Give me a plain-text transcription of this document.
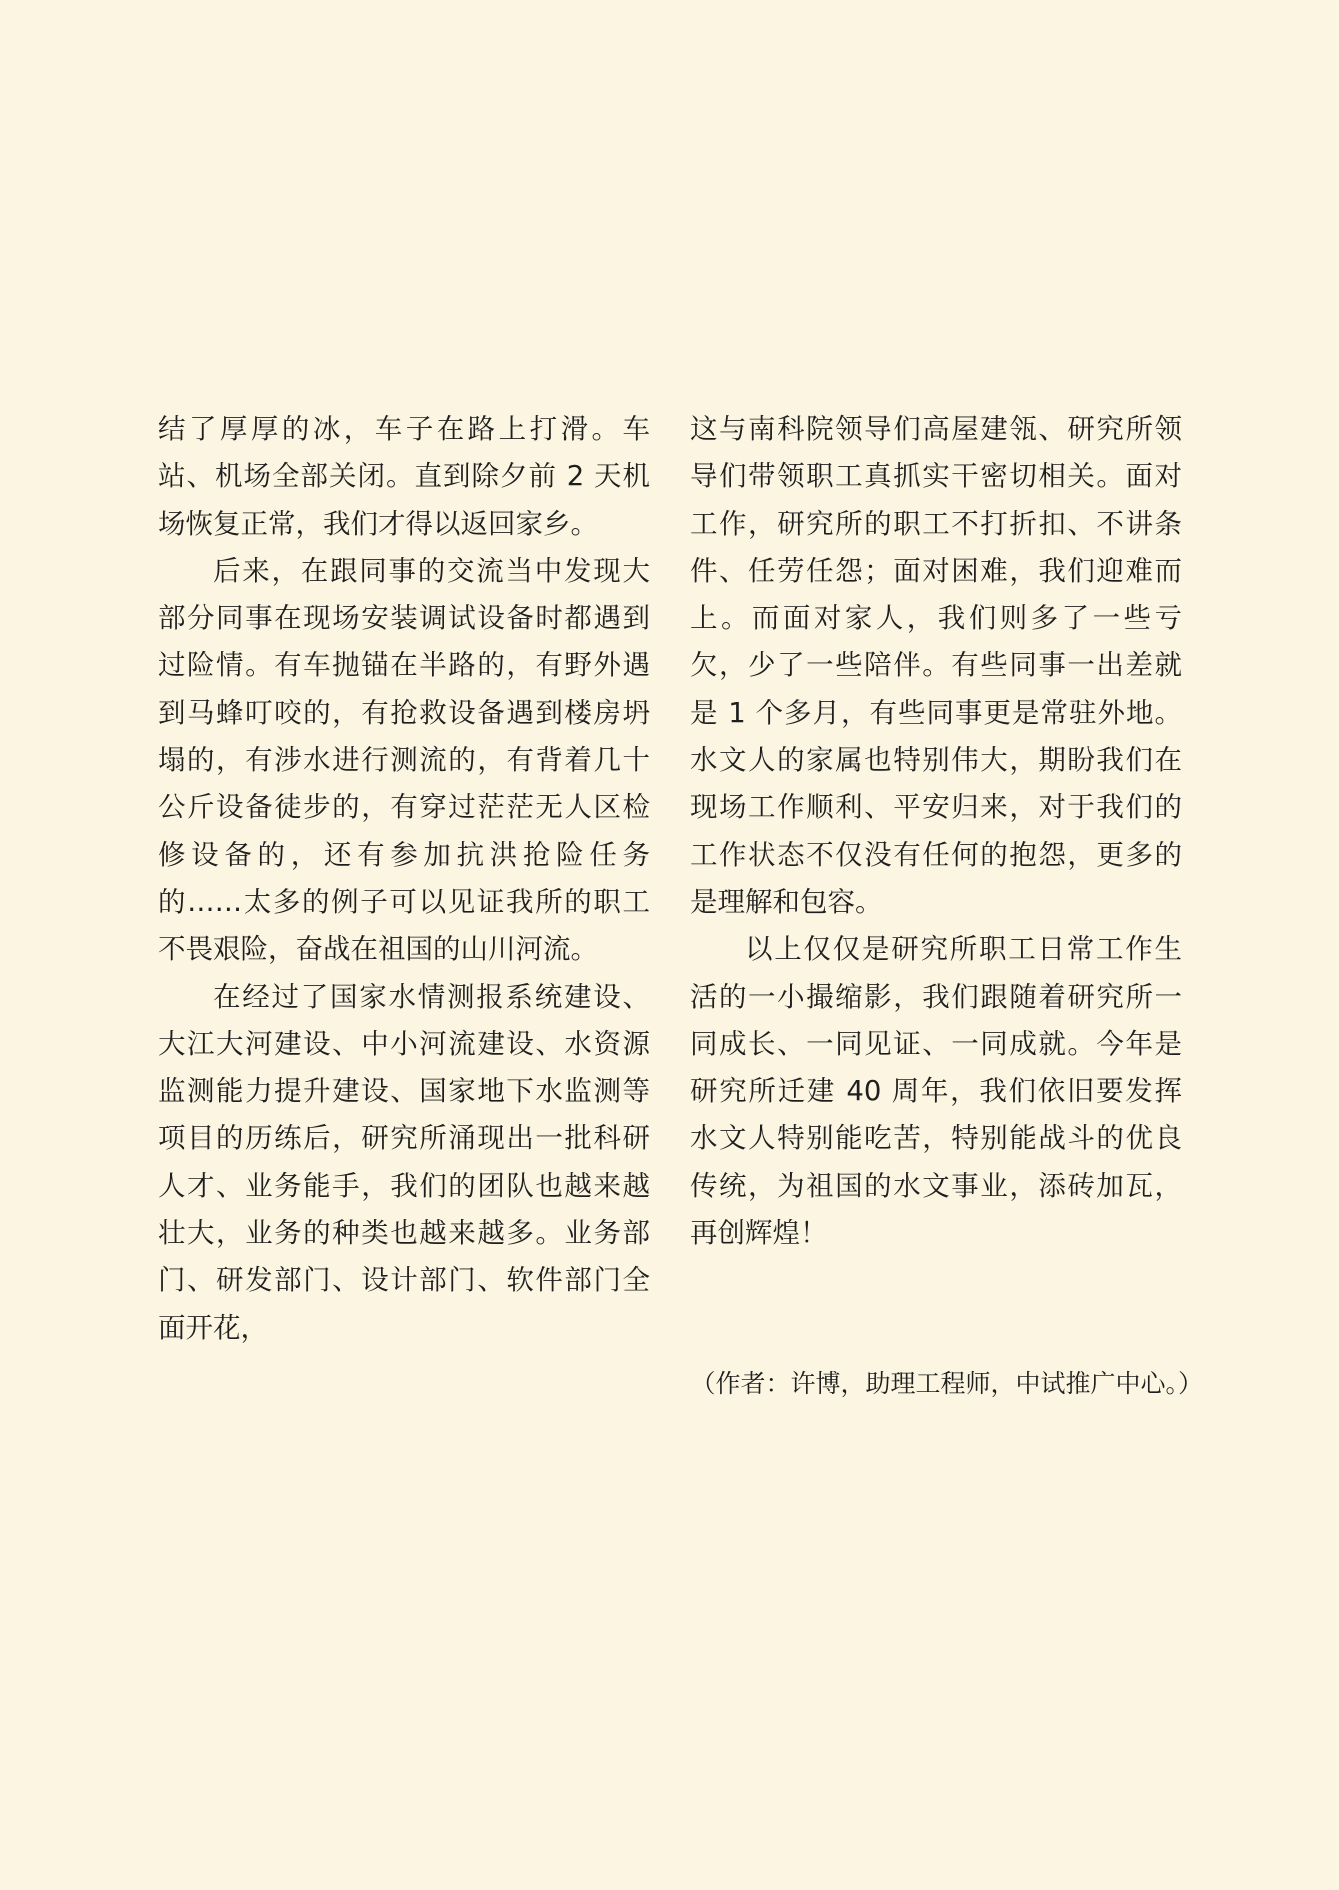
结了厚厚的冰，车子在路上打滑。车站、机场全部关闭。直到除夕前 2 天机场恢复正常，我们才得以返回家乡。

后来，在跟同事的交流当中发现大部分同事在现场安装调试设备时都遇到过险情。有车抛锚在半路的，有野外遇到马蜂叮咬的，有抢救设备遇到楼房坍塌的，有涉水进行测流的，有背着几十公斤设备徒步的，有穿过茫茫无人区检修设备的，还有参加抗洪抢险任务的……太多的例子可以见证我所的职工不畏艰险，奋战在祖国的山川河流。

在经过了国家水情测报系统建设、大江大河建设、中小河流建设、水资源监测能力提升建设、国家地下水监测等项目的历练后，研究所涌现出一批科研人才、业务能手，我们的团队也越来越壮大，业务的种类也越来越多。业务部门、研发部门、设计部门、软件部门全面开花，

这与南科院领导们高屋建瓴、研究所领导们带领职工真抓实干密切相关。面对工作，研究所的职工不打折扣、不讲条件、任劳任怨；面对困难，我们迎难而上。而面对家人，我们则多了一些亏欠，少了一些陪伴。有些同事一出差就是 1 个多月，有些同事更是常驻外地。水文人的家属也特别伟大，期盼我们在现场工作顺利、平安归来，对于我们的工作状态不仅没有任何的抱怨，更多的是理解和包容。

以上仅仅是研究所职工日常工作生活的一小撮缩影，我们跟随着研究所一同成长、一同见证、一同成就。今年是研究所迁建 40 周年，我们依旧要发挥水文人特别能吃苦，特别能战斗的优良传统，为祖国的水文事业，添砖加瓦，再创辉煌！

（作者：许博，助理工程师，中试推广中心。）
